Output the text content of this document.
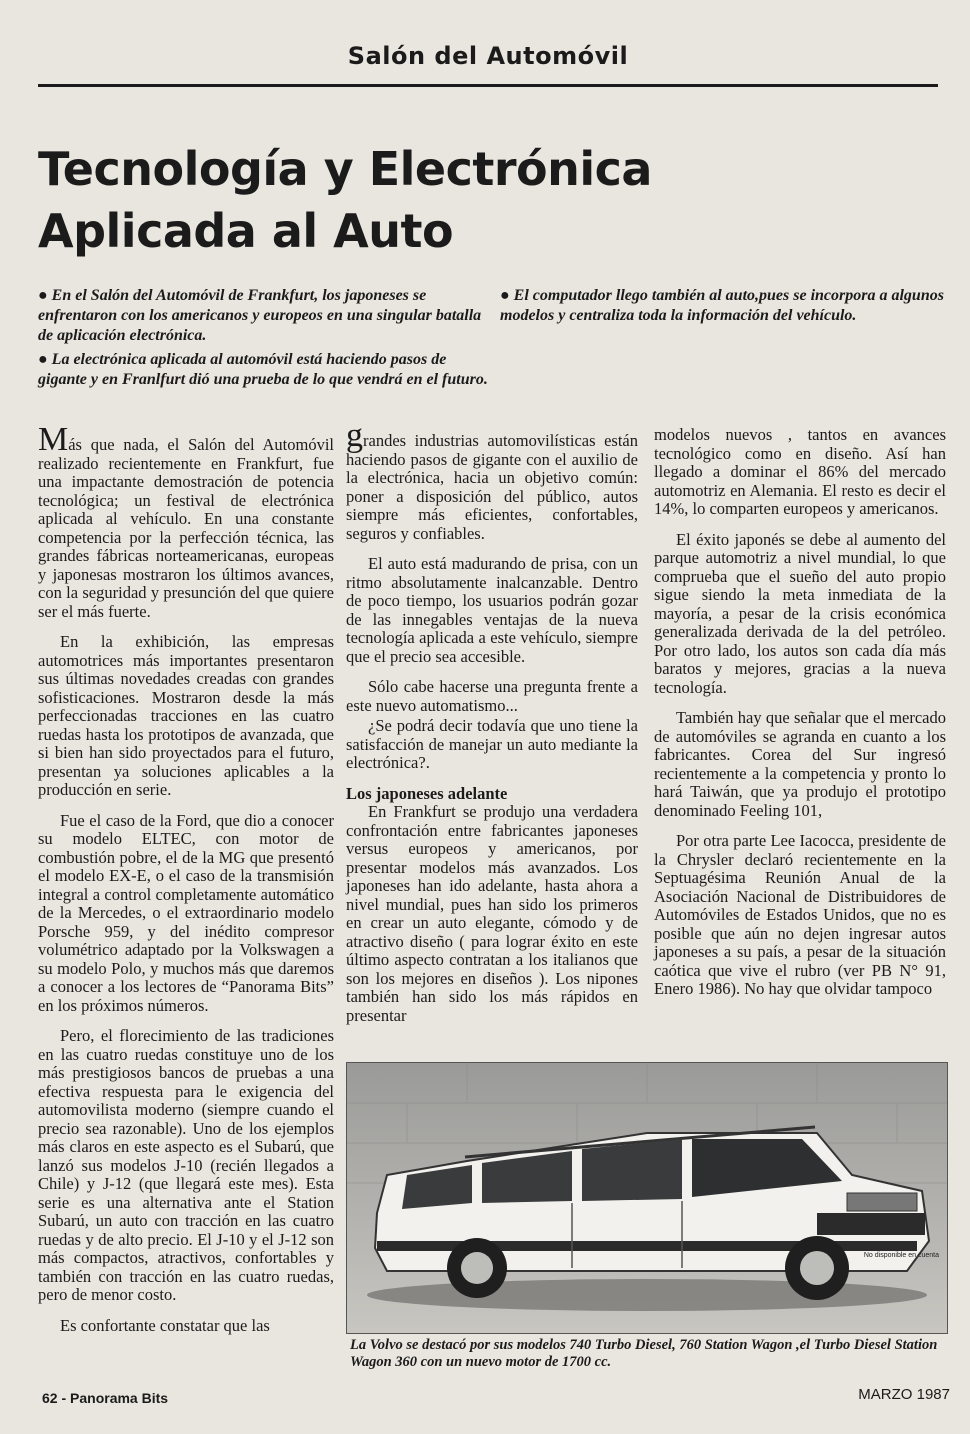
Salón del Automóvil
Tecnología y Electrónica
Aplicada al Auto

● En el Salón del Automóvil de Frankfurt, los japoneses se enfrentaron con los americanos y europeos en una singular batalla de aplicación electrónica.

● El computador llego también al auto,pues se incorpora a algunos modelos y centraliza toda la información del vehículo.

● La electrónica aplicada al automóvil está haciendo pasos de gigante y en Franlfurt dió una prueba de lo que vendrá en el futuro.

Más que nada, el Salón del Automóvil realizado recientemente en Frankfurt, fue una impactante demostración de potencia tecnológica; un festival de electrónica aplicada al vehículo. En una constante competencia por la perfección técnica, las grandes fábricas norteamericanas, europeas y japonesas mostraron los últimos avances, con la seguridad y presunción del que quiere ser el más fuerte.

En la exhibición, las empresas automotrices más importantes presentaron sus últimas novedades creadas con grandes sofisticaciones. Mostraron desde la más perfeccionadas tracciones en las cuatro ruedas hasta los prototipos de avanzada, que si bien han sido proyectados para el futuro, presentan ya soluciones aplicables a la producción en serie.

Fue el caso de la Ford, que dio a conocer su modelo ELTEC, con motor de combustión pobre, el de la MG que presentó el modelo EX-E, o el caso de la transmisión integral a control completamente automático de la Mercedes, o el extraordinario modelo Porsche 959, y del inédito compresor volumétrico adaptado por la Volkswagen a su modelo Polo, y muchos más que daremos a conocer a los lectores de “Panorama Bits” en los próximos números.

Pero, el florecimiento de las tradiciones en las cuatro ruedas constituye uno de los más prestigiosos bancos de pruebas a una efectiva respuesta para le exigencia del automovilista moderno (siempre cuando el precio sea razonable). Uno de los ejemplos más claros en este aspecto es el Subarú, que lanzó sus modelos J-10 (recién llegados a Chile) y J-12 (que llegará este mes). Esta serie es una alternativa ante el Station Subarú, un auto con tracción en las cuatro ruedas y de alto precio. El J-10 y el J-12 son más compactos, atractivos, confortables y también con tracción en las cuatro ruedas, pero de menor costo.

Es confortante constatar que las

grandes industrias automovilísticas están haciendo pasos de gigante con el auxilio de la electrónica, hacia un objetivo común: poner a disposición del público, autos siempre más eficientes, confortables, seguros y confiables.

El auto está madurando de prisa, con un ritmo absolutamente inalcanzable. Dentro de poco tiempo, los usuarios podrán gozar de las innegables ventajas de la nueva tecnología aplicada a este vehículo, siempre que el precio sea accesible.

Sólo cabe hacerse una pregunta frente a este nuevo automatismo...

¿Se podrá decir todavía que uno tiene la satisfacción de manejar un auto mediante la electrónica?.

Los japoneses adelante

En Frankfurt se produjo una verdadera confrontación entre fabricantes japoneses versus europeos y americanos, por presentar modelos más avanzados. Los japoneses han ido adelante, hasta ahora a nivel mundial, pues han sido los primeros en crear un auto elegante, cómodo y de atractivo diseño ( para lograr éxito en este último aspecto contratan a los italianos que son los mejores en diseños ). Los nipones también han sido los más rápidos en presentar

modelos nuevos , tantos en avances tecnológico como en diseño. Así han llegado a dominar el 86% del mercado automotriz en Alemania. El resto es decir el 14%, lo comparten europeos y americanos.

El éxito japonés se debe al aumento del parque automotriz a nivel mundial, lo que comprueba que el sueño del auto propio sigue siendo la meta inmediata de la mayoría, a pesar de la crisis económica generalizada derivada de la del petróleo. Por otro lado, los autos son cada día más baratos y mejores, gracias a la nueva tecnología.

También hay que señalar que el mercado de automóviles se agranda en cuanto a los fabricantes. Corea del Sur ingresó recientemente a la competencia y pronto lo hará Taiwán, que ya produjo el prototipo denominado Feeling 101,

Por otra parte Lee Iacocca, presidente de la Chrysler declaró recientemente en la Septuagésima Reunión Anual de la Asociación Nacional de Distribuidores de Automóviles de Estados Unidos, que no es posible que aún no dejen ingresar autos japoneses a su país, a pesar de la situación caótica que vive el rubro (ver PB N° 91, Enero 1986). No hay que olvidar tampoco

No disponible en cuenta

La Volvo se destacó por sus modelos 740 Turbo Diesel, 760 Station Wagon ,el Turbo Diesel Station Wagon 360 con un nuevo motor de 1700 cc.

62 - Panorama Bits	MARZO 1987
